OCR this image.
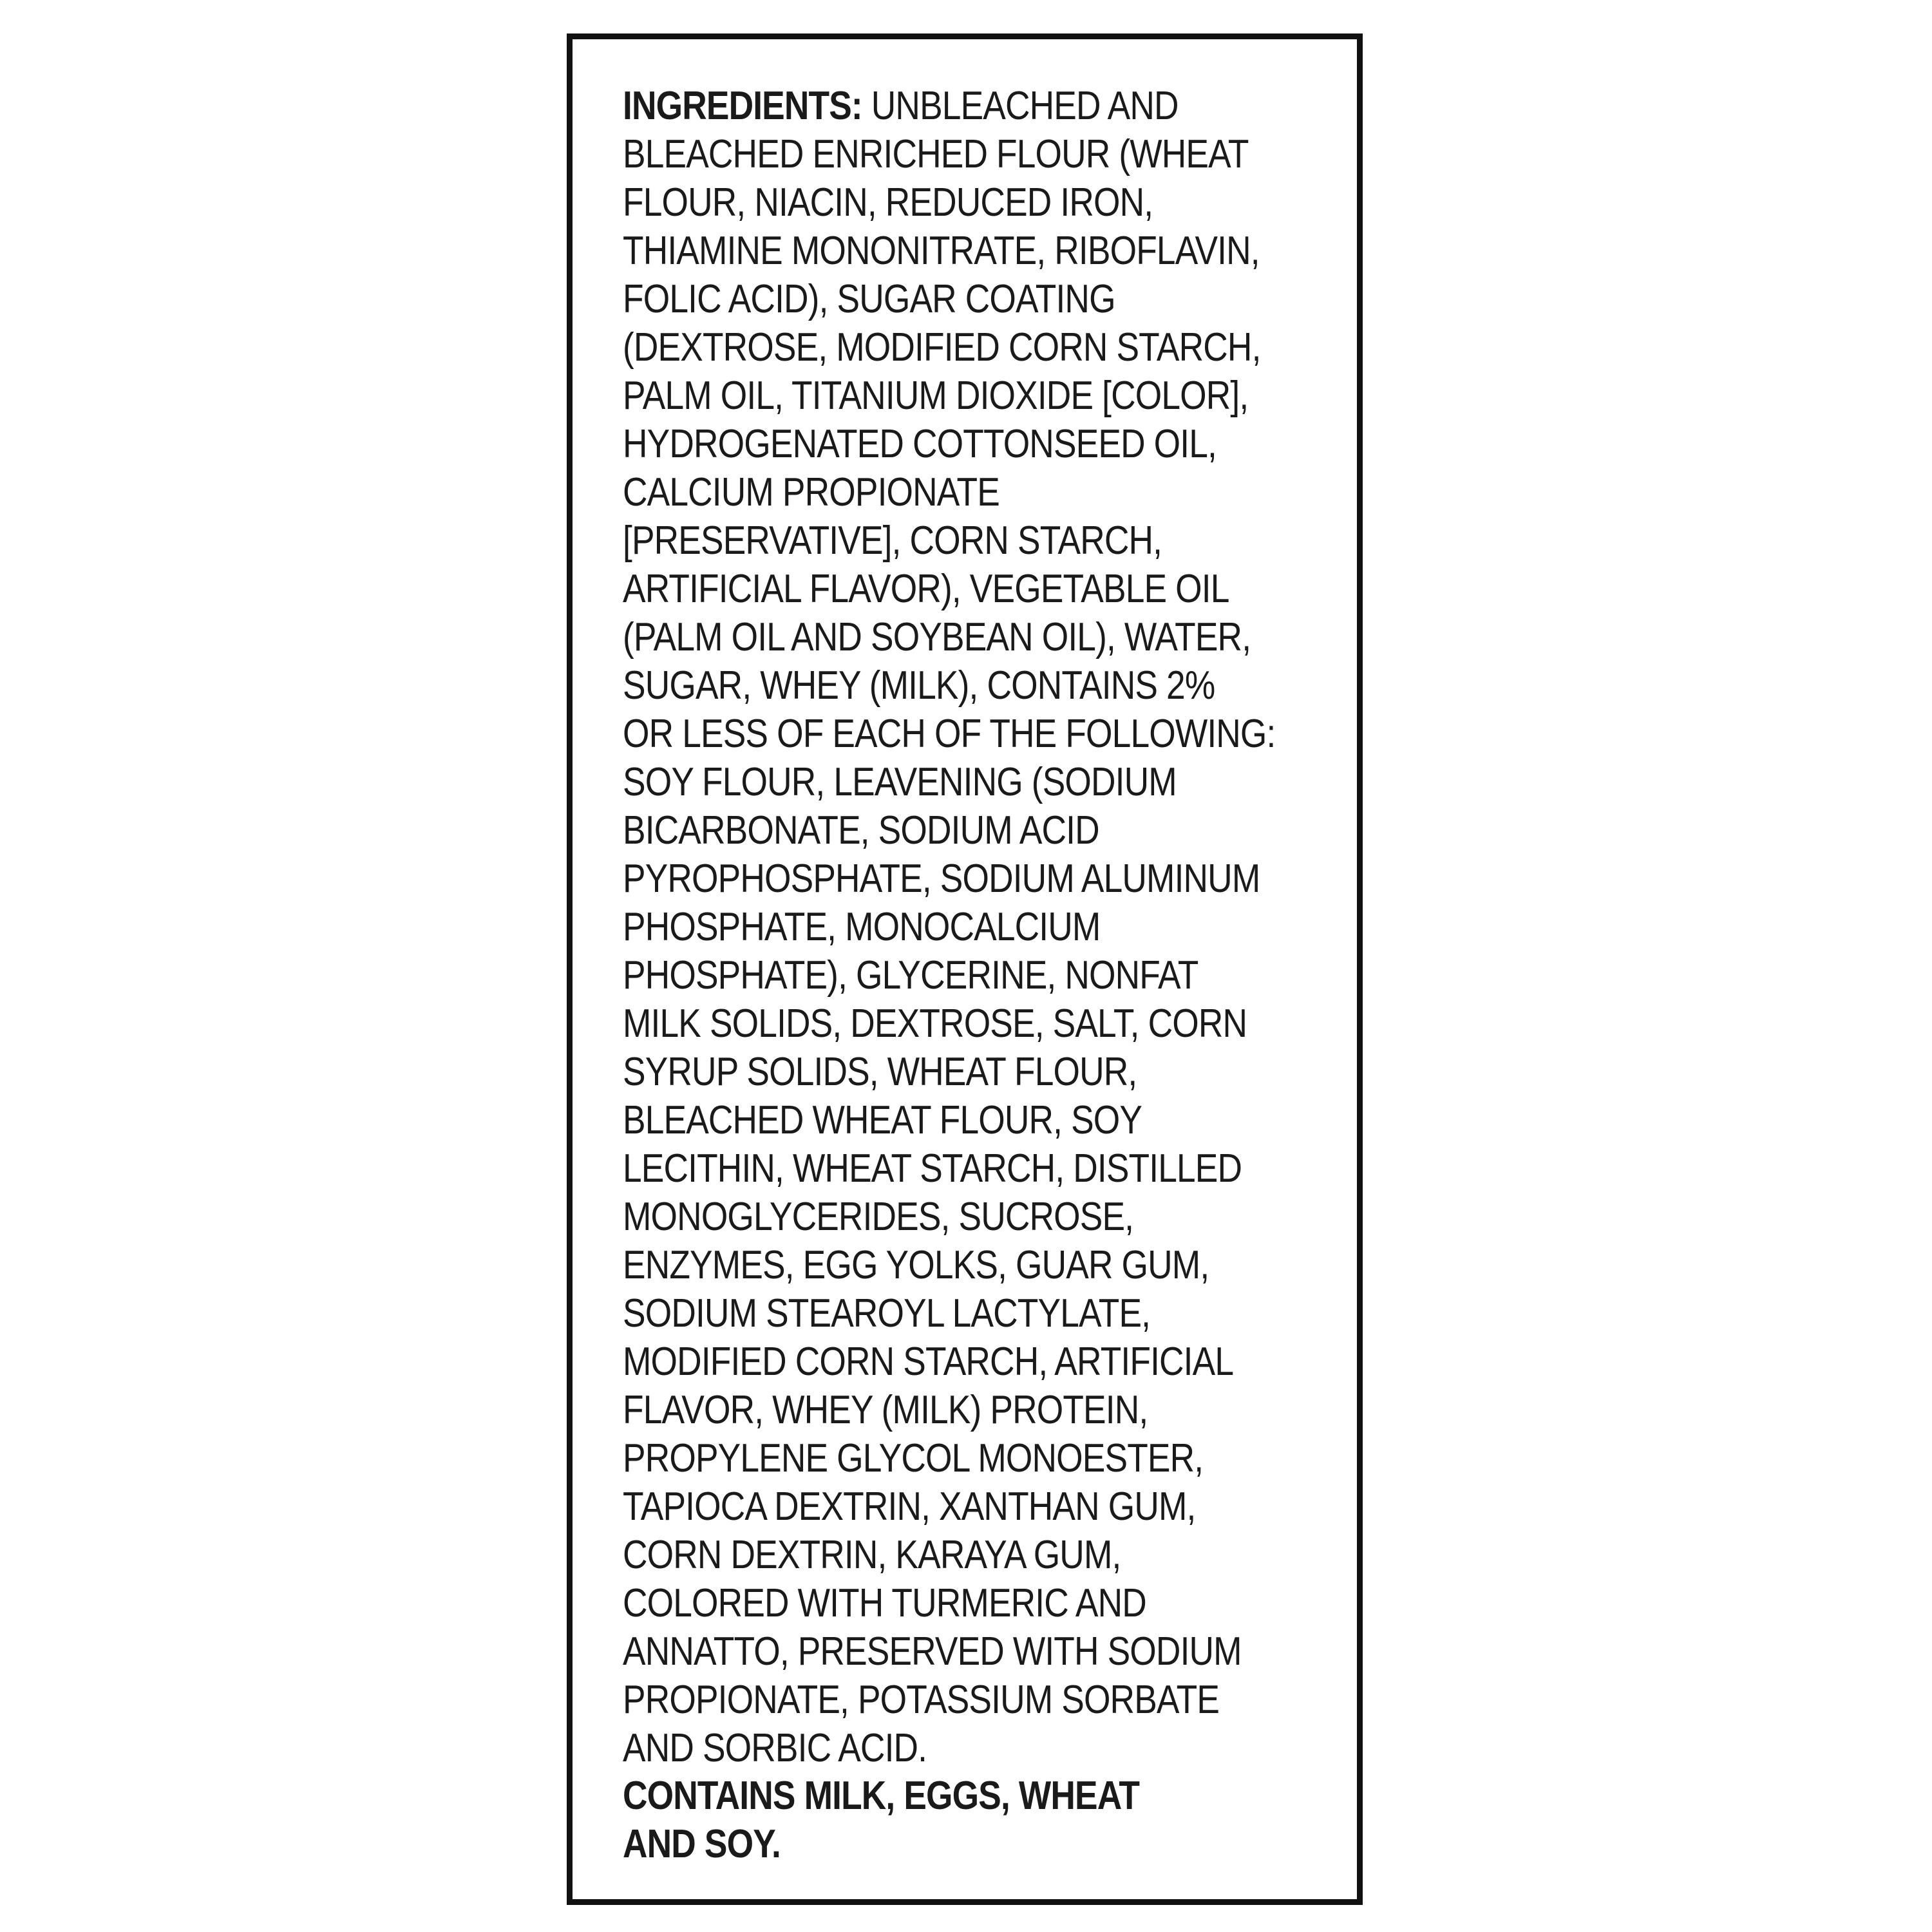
INGREDIENTS: UNBLEACHED AND
BLEACHED ENRICHED FLOUR (WHEAT
FLOUR, NIACIN, REDUCED IRON,
THIAMINE MONONITRATE, RIBOFLAVIN,
FOLIC ACID), SUGAR COATING
(DEXTROSE, MODIFIED CORN STARCH,
PALM OIL, TITANIUM DIOXIDE [COLOR],
HYDROGENATED COTTONSEED OIL,
CALCIUM PROPIONATE
[PRESERVATIVE], CORN STARCH,
ARTIFICIAL FLAVOR), VEGETABLE OIL
(PALM OIL AND SOYBEAN OIL), WATER,
SUGAR, WHEY (MILK), CONTAINS 2%
OR LESS OF EACH OF THE FOLLOWING:
SOY FLOUR, LEAVENING (SODIUM
BICARBONATE, SODIUM ACID
PYROPHOSPHATE, SODIUM ALUMINUM
PHOSPHATE, MONOCALCIUM
PHOSPHATE), GLYCERINE, NONFAT
MILK SOLIDS, DEXTROSE, SALT, CORN
SYRUP SOLIDS, WHEAT FLOUR,
BLEACHED WHEAT FLOUR, SOY
LECITHIN, WHEAT STARCH, DISTILLED
MONOGLYCERIDES, SUCROSE,
ENZYMES, EGG YOLKS, GUAR GUM,
SODIUM STEAROYL LACTYLATE,
MODIFIED CORN STARCH, ARTIFICIAL
FLAVOR, WHEY (MILK) PROTEIN,
PROPYLENE GLYCOL MONOESTER,
TAPIOCA DEXTRIN, XANTHAN GUM,
CORN DEXTRIN, KARAYA GUM,
COLORED WITH TURMERIC AND
ANNATTO, PRESERVED WITH SODIUM
PROPIONATE, POTASSIUM SORBATE
AND SORBIC ACID.
CONTAINS MILK, EGGS, WHEAT
AND SOY.
